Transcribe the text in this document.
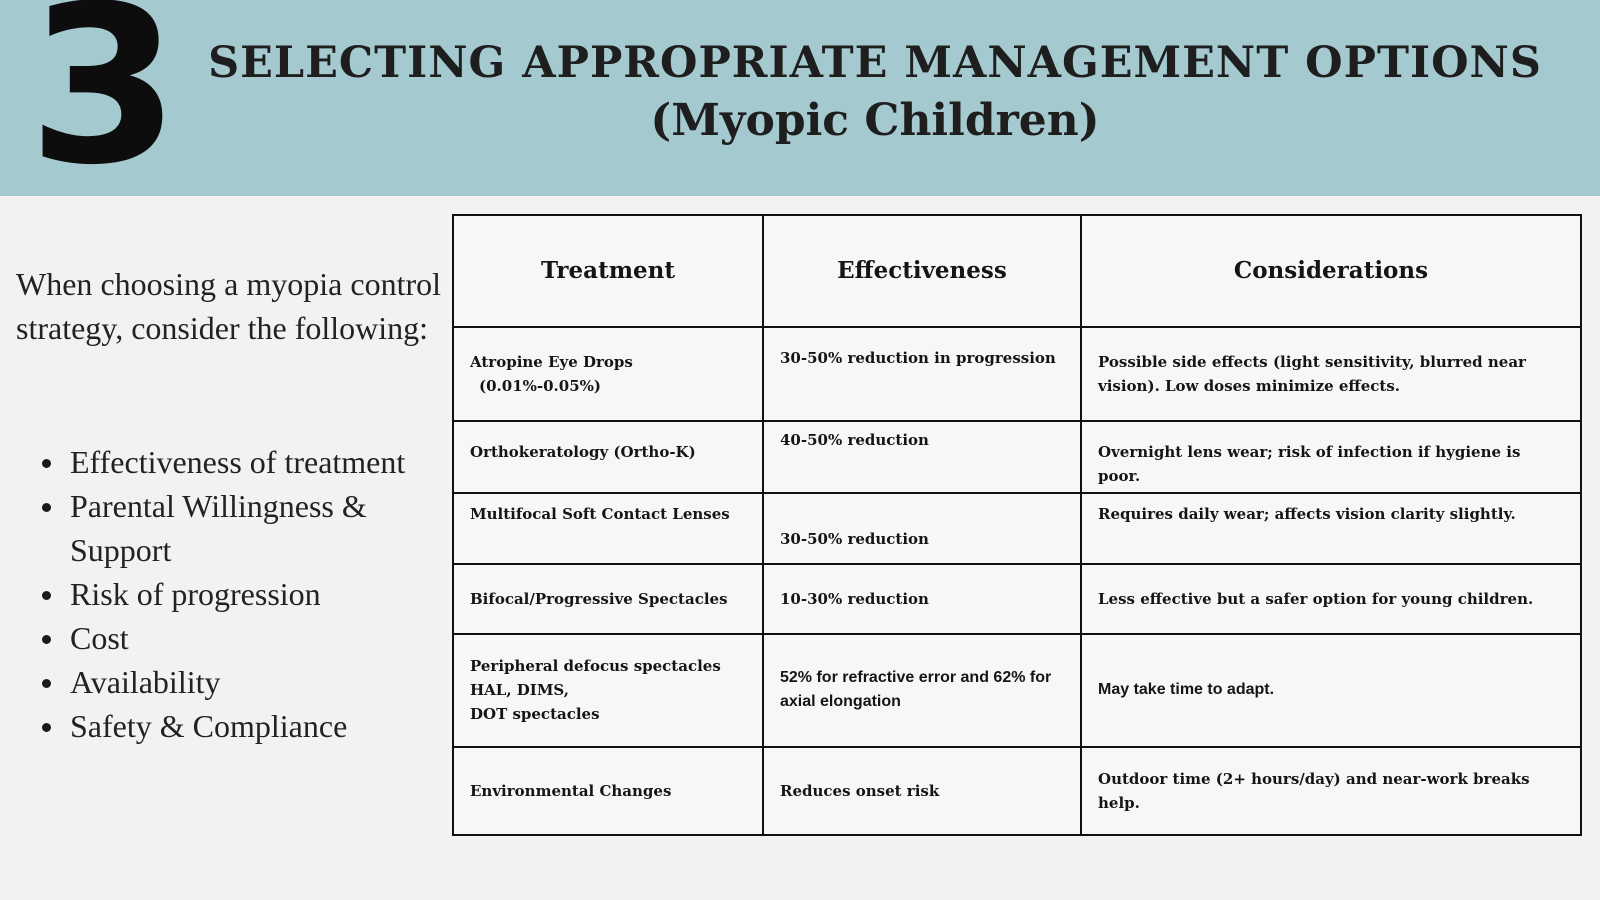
3 SELECTING APPROPRIATE MANAGEMENT OPTIONS
(Myopic Children)
When choosing a myopia control strategy, consider the following:
Effectiveness of treatment
Parental Willingness & Support
Risk of progression
Cost
Availability
Safety & Compliance
Treatment	Effectiveness	Considerations

Atropine Eye Drops
(0.01%-0.05%)	30-50% reduction in progression	Possible side effects (light sensitivity, blurred near vision). Low doses minimize effects.
Orthokeratology (Ortho-K)	40-50% reduction	Overnight lens wear; risk of infection if hygiene is poor.
Multifocal Soft Contact Lenses	30-50% reduction	Requires daily wear; affects vision clarity slightly.
Bifocal/Progressive Spectacles	10-30% reduction	Less effective but a safer option for young children.

Peripheral defocus spectacles
HAL, DIMS,
DOT spectacles	52% for refractive error and 62% for axial elongation	May take time to adapt.
Environmental Changes	Reduces onset risk	Outdoor time (2+ hours/day) and near-work breaks help.
